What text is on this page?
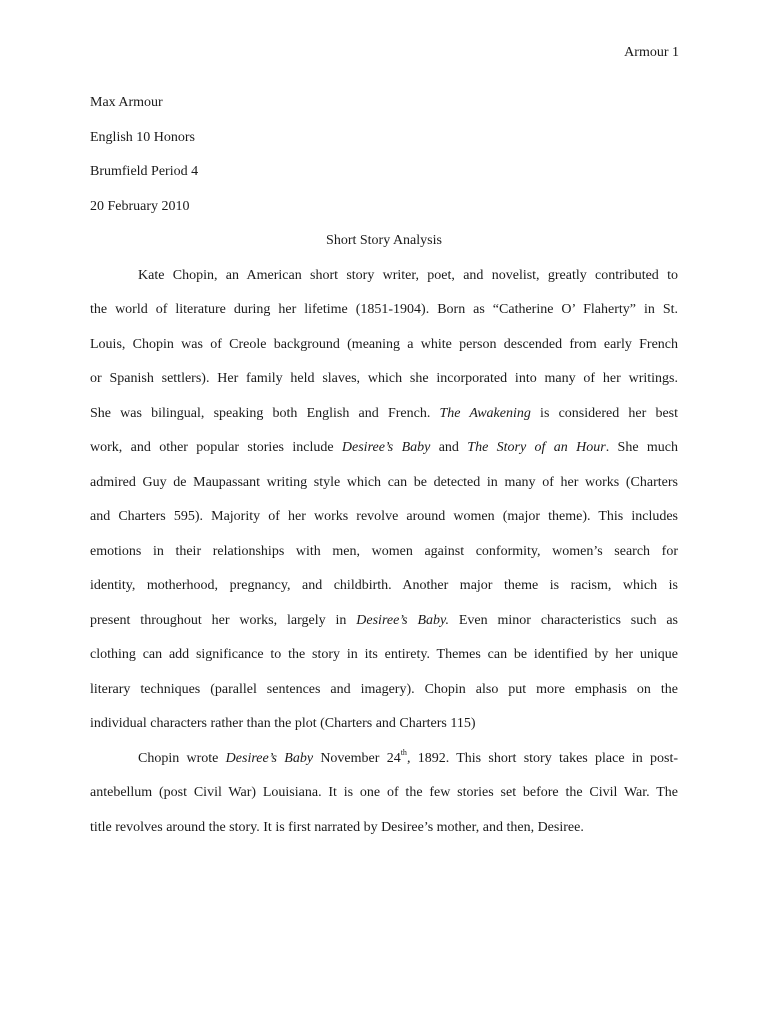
Armour 1

Max Armour

English 10 Honors

Brumfield Period 4

20 February 2010

Short Story Analysis

Kate Chopin, an American short story writer, poet, and novelist, greatly contributed to
the world of literature during her lifetime (1851-1904). Born as “Catherine O’ Flaherty” in St.
Louis, Chopin was of Creole background (meaning a white person descended from early French
or Spanish settlers). Her family held slaves, which she incorporated into many of her writings.
She was bilingual, speaking both English and French. The Awakening is considered her best
work, and other popular stories include Desiree’s Baby and The Story of an Hour. She much
admired Guy de Maupassant writing style which can be detected in many of her works (Charters
and Charters 595). Majority of her works revolve around women (major theme). This includes
emotions in their relationships with men, women against conformity, women’s search for
identity, motherhood, pregnancy, and childbirth. Another major theme is racism, which is
present throughout her works, largely in Desiree’s Baby. Even minor characteristics such as
clothing can add significance to the story in its entirety. Themes can be identified by her unique
literary techniques (parallel sentences and imagery). Chopin also put more emphasis on the

individual characters rather than the plot (Charters and Charters 115)

Chopin wrote Desiree’s Baby November 24th, 1892. This short story takes place in post-
antebellum (post Civil War) Louisiana. It is one of the few stories set before the Civil War. The

title revolves around the story. It is first narrated by Desiree’s mother, and then, Desiree.
